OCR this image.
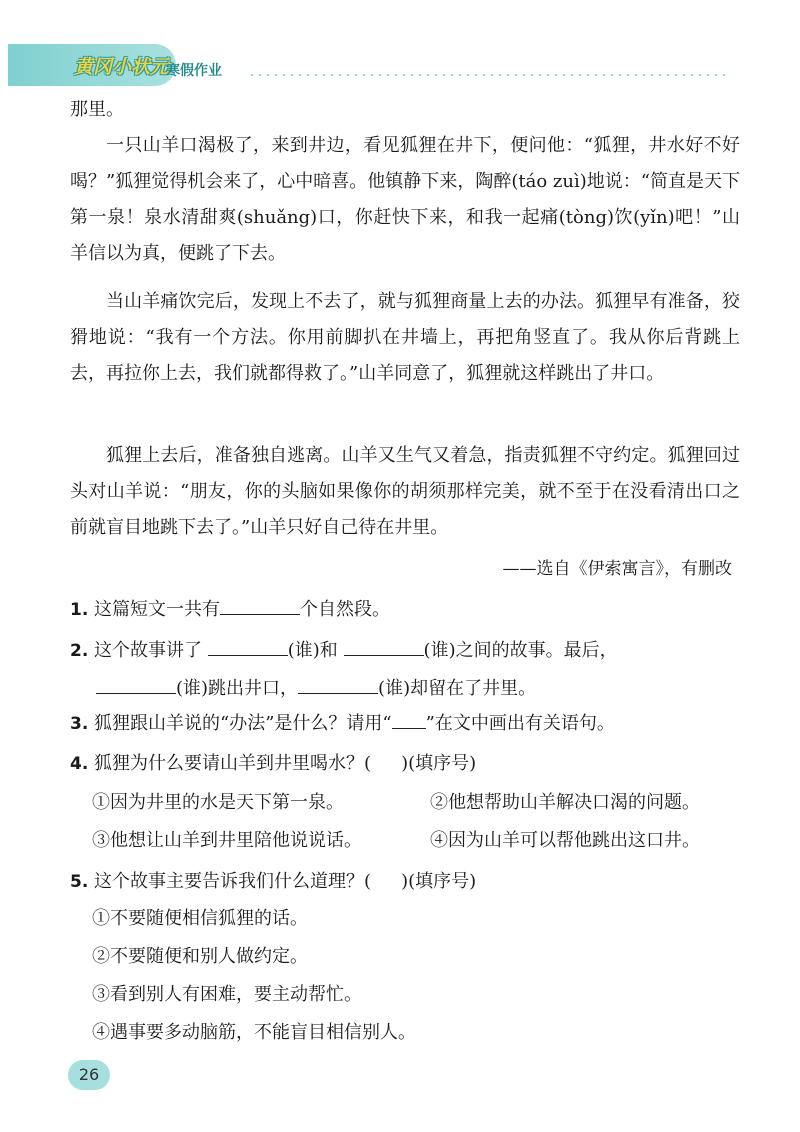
黄冈小状元
寒假作业

那里。

一只山羊口渴极了，来到井边，看见狐狸在井下，便问他：“狐狸，井水好不好喝？”狐狸觉得机会来了，心中暗喜。他镇静下来，陶醉(táo zuì)地说：“简直是天下第一泉！泉水清甜爽(shuǎng)口，你赶快下来，和我一起痛(tòng)饮(yǐn)吧！”山羊信以为真，便跳了下去。

当山羊痛饮完后，发现上不去了，就与狐狸商量上去的办法。狐狸早有准备，狡猾地说：“我有一个方法。你用前脚扒在井墙上，再把角竖直了。我从你后背跳上去，再拉你上去，我们就都得救了。”山羊同意了，狐狸就这样跳出了井口。

狐狸上去后，准备独自逃离。山羊又生气又着急，指责狐狸不守约定。狐狸回过头对山羊说：“朋友，你的头脑如果像你的胡须那样完美，就不至于在没看清出口之前就盲目地跳下去了。”山羊只好自己待在井里。

——选自《伊索寓言》，有删改

1. 这篇短文一共有	个自然段。

2. 这个故事讲了	(谁)和	(谁)之间的故事。最后，
(谁)跳出井口，	(谁)却留在了井里。

3. 狐狸跟山羊说的“办法”是什么？请用“ ”在文中画出有关语句。

4. 狐狸为什么要请山羊到井里喝水？( )(填序号)

①因为井里的水是天下第一泉。	②他想帮助山羊解决口渴的问题。
③他想让山羊到井里陪他说说话。	④因为山羊可以帮他跳出这口井。

5. 这个故事主要告诉我们什么道理？( )(填序号)

①不要随便相信狐狸的话。
②不要随便和别人做约定。
③看到别人有困难，要主动帮忙。
④遇事要多动脑筋，不能盲目相信别人。
26
